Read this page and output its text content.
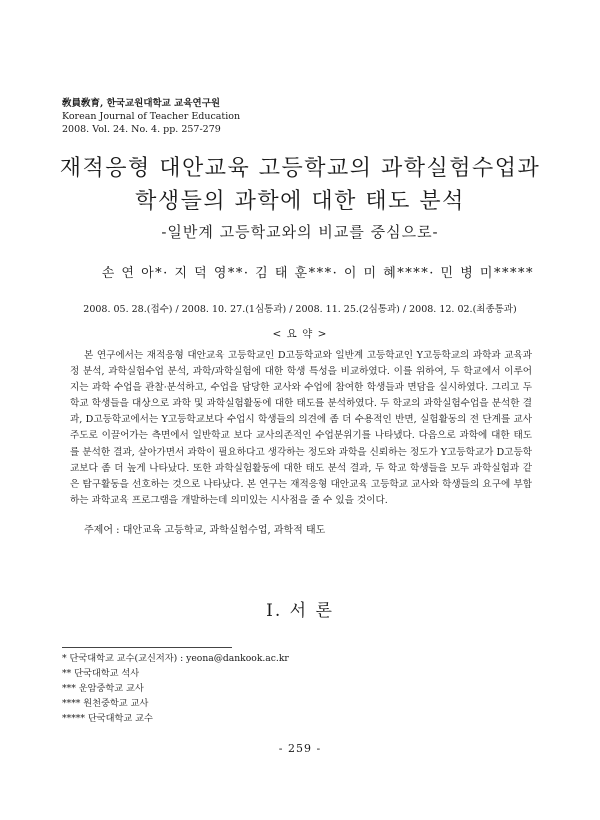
敎員敎育, 한국교원대학교 교육연구원
Korean Journal of Teacher Education
2008. Vol. 24. No. 4. pp. 257-279
재적응형 대안교육 고등학교의 과학실험수업과
학생들의 과학에 대한 태도 분석
-일반계 고등학교와의 비교를 중심으로-
손 연 아*· 지 덕 영**· 김 태 훈***· 이 미 혜****· 민 병 미*****
2008. 05. 28.(접수) / 2008. 10. 27.(1심통과) / 2008. 11. 25.(2심통과) / 2008. 12. 02.(최종통과)
< 요 약 >
본 연구에서는 재적응형 대안교육 고등학교인 D고등학교와 일반계 고등학교인 Y고등학교의 과학과 교육과정 분석, 과학실험수업 분석, 과학/과학실험에 대한 학생 특성을 비교하였다. 이를 위하여, 두 학교에서 이루어지는 과학 수업을 관찰·분석하고, 수업을 담당한 교사와 수업에 참여한 학생들과 면담을 실시하였다. 그리고 두 학교 학생들을 대상으로 과학 및 과학실험활동에 대한 태도를 분석하였다. 두 학교의 과학실험수업을 분석한 결과, D고등학교에서는 Y고등학교보다 수업시 학생들의 의견에 좀 더 수용적인 반면, 실험활동의 전 단계를 교사 주도로 이끌어가는 측면에서 일반학교 보다 교사의존적인 수업분위기를 나타냈다. 다음으로 과학에 대한 태도를 분석한 결과, 살아가면서 과학이 필요하다고 생각하는 정도와 과학을 신뢰하는 정도가 Y고등학교가 D고등학교보다 좀 더 높게 나타났다. 또한 과학실험활동에 대한 태도 분석 결과, 두 학교 학생들을 모두 과학실험과 같은 탐구활동을 선호하는 것으로 나타났다. 본 연구는 재적응형 대안교육 고등학교 교사와 학생들의 요구에 부합하는 과학교육 프로그램을 개발하는데 의미있는 시사점을 줄 수 있을 것이다.
주제어 : 대안교육 고등학교, 과학실험수업, 과학적 태도
Ⅰ. 서 론
* 단국대학교 교수(교신저자) : yeona@dankook.ac.kr
** 단국대학교 석사
*** 운암중학교 교사
**** 원천중학교 교사
***** 단국대학교 교수
- 259 -
